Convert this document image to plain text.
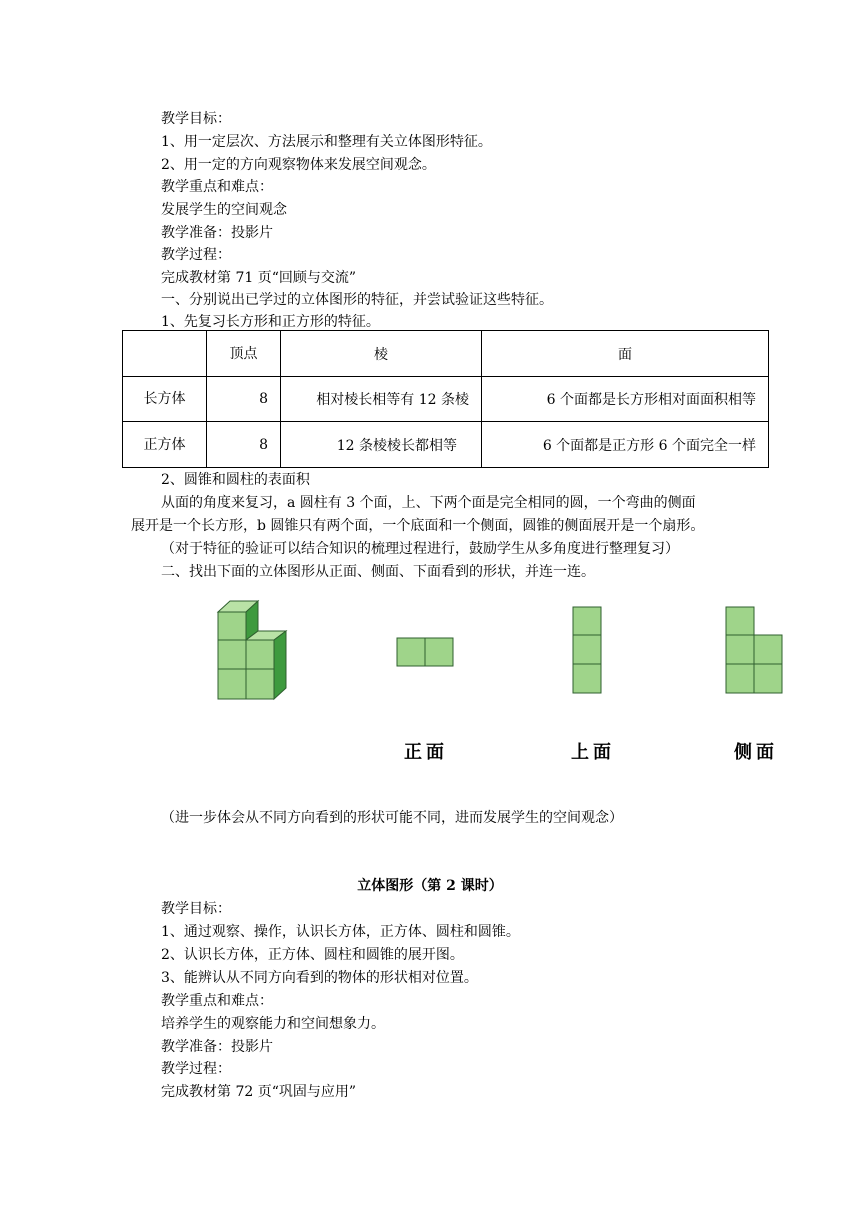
教学目标：
1、用一定层次、方法展示和整理有关立体图形特征。
2、用一定的方向观察物体来发展空间观念。
教学重点和难点：
发展学生的空间观念
教学准备：投影片
教学过程：
完成教材第 71 页“回顾与交流”
一、分别说出已学过的立体图形的特征，并尝试验证这些特征。
1、先复习长方形和正方形的特征。
	顶点	棱	面
长方体	8	相对棱长相等有 12 条棱	6 个面都是长方形相对面面积相等
正方体	8	12 条棱棱长都相等	6 个面都是正方形 6 个面完全一样
2、圆锥和圆柱的表面积
从面的角度来复习，a 圆柱有 3 个面，上、下两个面是完全相同的圆，一个弯曲的侧面
展开是一个长方形，b 圆锥只有两个面，一个底面和一个侧面，圆锥的侧面展开是一个扇形。
（对于特征的验证可以结合知识的梳理过程进行，鼓励学生从多角度进行整理复习）
二、找出下面的立体图形从正面、侧面、下面看到的形状，并连一连。
正面	上面	侧面
（进一步体会从不同方向看到的形状可能不同，进而发展学生的空间观念）
立体图形（第 2 课时）
教学目标：
1、通过观察、操作，认识长方体，正方体、圆柱和圆锥。
2、认识长方体，正方体、圆柱和圆锥的展开图。
3、能辨认从不同方向看到的物体的形状相对位置。
教学重点和难点：
培养学生的观察能力和空间想象力。
教学准备：投影片
教学过程：
完成教材第 72 页“巩固与应用”
